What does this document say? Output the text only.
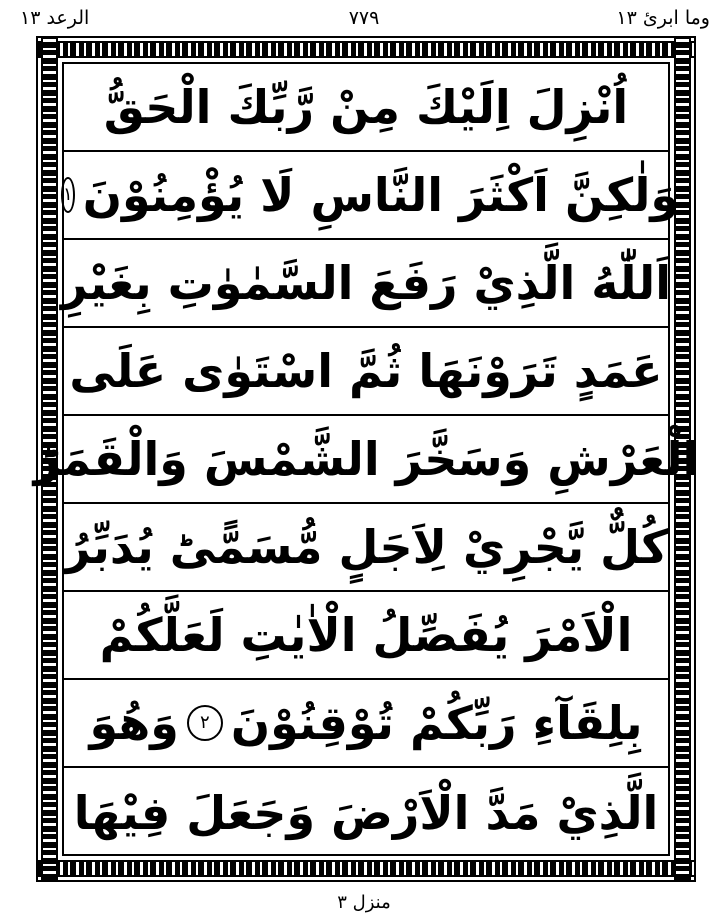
وما ابرئ ۱۳
۷۷۹
الرعد ۱۳
اُنْزِلَ اِلَيْكَ مِنْ رَّبِّكَ الْحَقُّ
وَلٰكِنَّ اَكْثَرَ النَّاسِ لَا يُؤْمِنُوْنَ
۱
اَللّٰهُ الَّذِيْ رَفَعَ السَّمٰوٰتِ بِغَيْرِ
عَمَدٍ تَرَوْنَهَا ثُمَّ اسْتَوٰى عَلَى
الْعَرْشِ وَسَخَّرَ الشَّمْسَ وَالْقَمَرَؕ
كُلٌّ يَّجْرِيْ لِاَجَلٍ مُّسَمًّىؕ يُدَبِّرُ
الْاَمْرَ يُفَصِّلُ الْاٰيٰتِ لَعَلَّكُمْ
بِلِقَآءِ رَبِّكُمْ تُوْقِنُوْنَ
۲
وَهُوَ
الَّذِيْ مَدَّ الْاَرْضَ وَجَعَلَ فِيْهَا
منزل ۳
